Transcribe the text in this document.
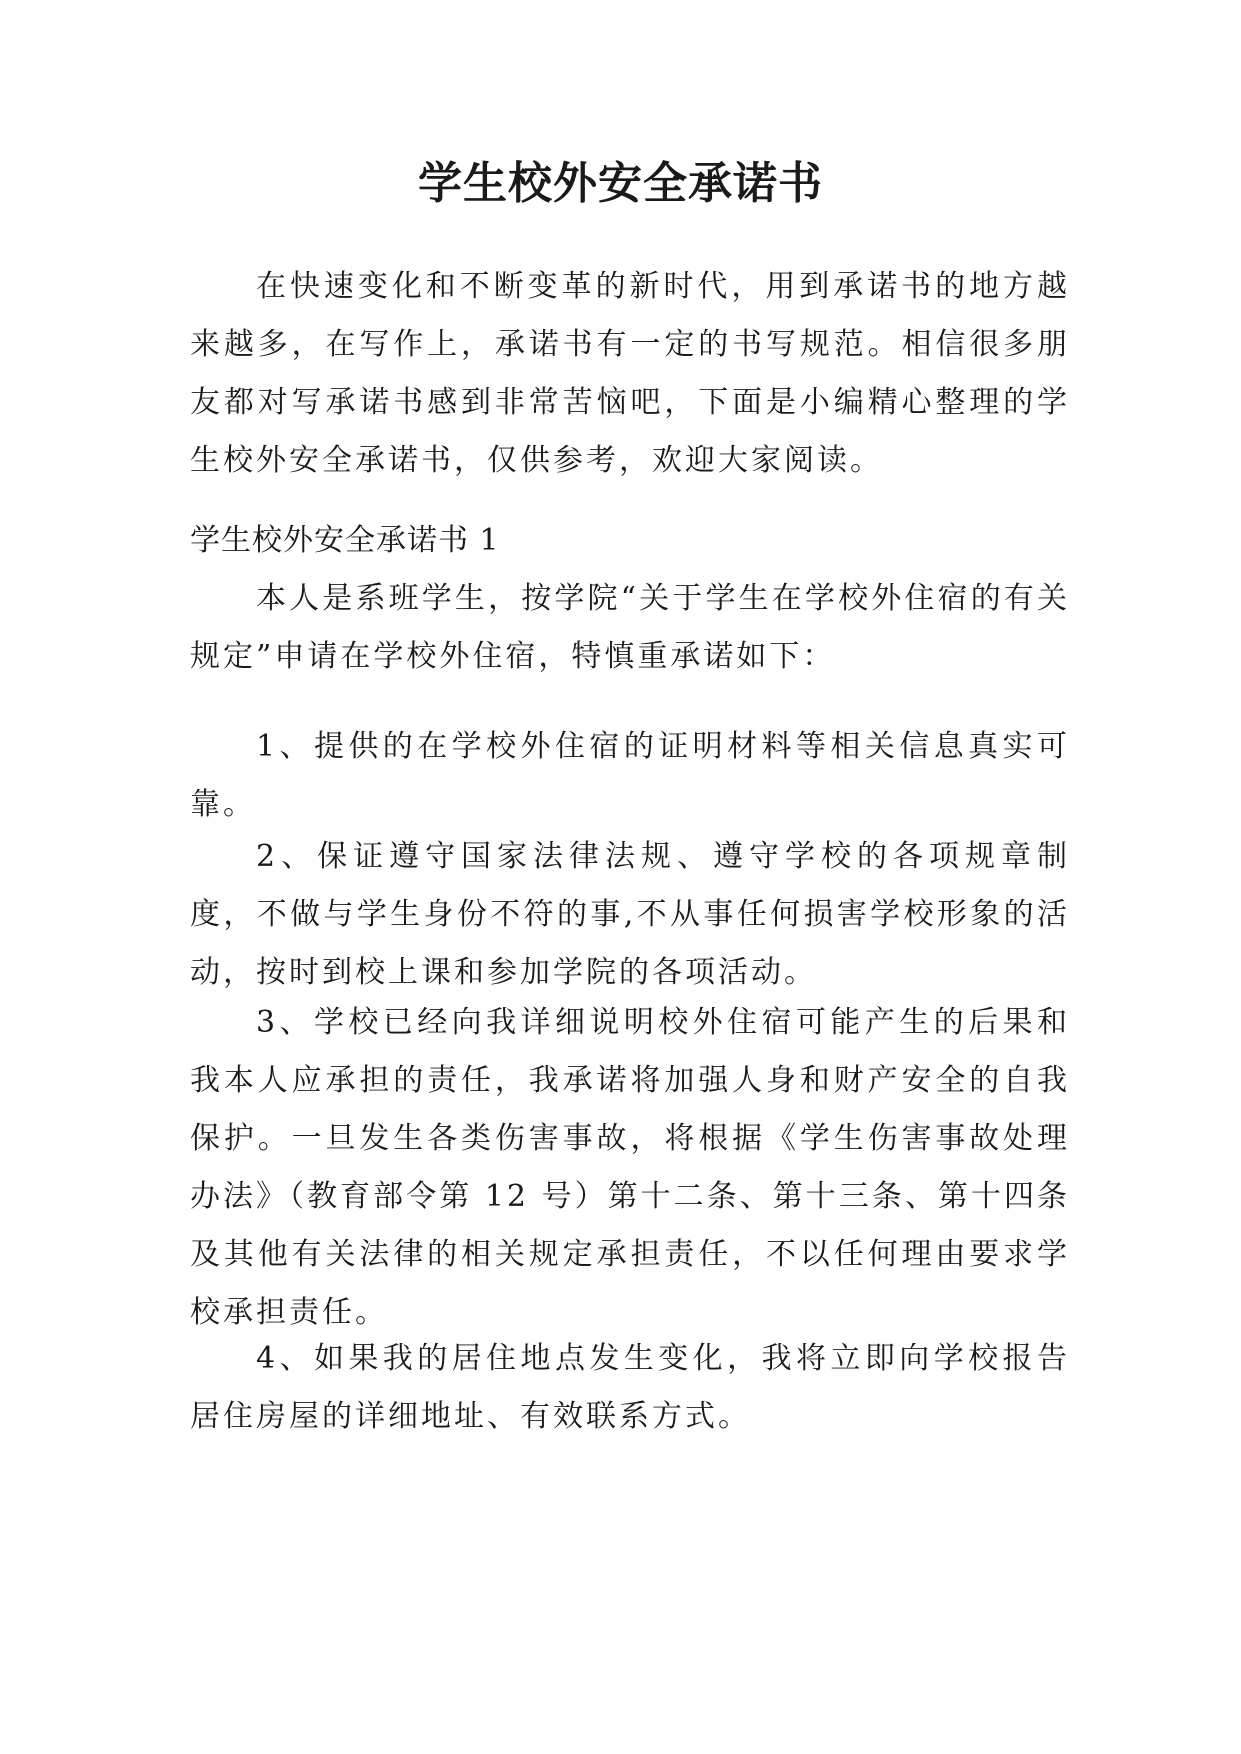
学生校外安全承诺书

在快速变化和不断变革的新时代，用到承诺书的地方越来越多，在写作上，承诺书有一定的书写规范。相信很多朋友都对写承诺书感到非常苦恼吧，下面是小编精心整理的学生校外安全承诺书，仅供参考，欢迎大家阅读。

学生校外安全承诺书 1

本人是系班学生，按学院“关于学生在学校外住宿的有关规定”申请在学校外住宿，特慎重承诺如下：

1、提供的在学校外住宿的证明材料等相关信息真实可靠。

2、保证遵守国家法律法规、遵守学校的各项规章制度，不做与学生身份不符的事,不从事任何损害学校形象的活动，按时到校上课和参加学院的各项活动。

3、学校已经向我详细说明校外住宿可能产生的后果和我本人应承担的责任，我承诺将加强人身和财产安全的自我保护。一旦发生各类伤害事故，将根据《学生伤害事故处理办法》（教育部令第 12 号）第十二条、第十三条、第十四条及其他有关法律的相关规定承担责任，不以任何理由要求学校承担责任。

4、如果我的居住地点发生变化，我将立即向学校报告居住房屋的详细地址、有效联系方式。
